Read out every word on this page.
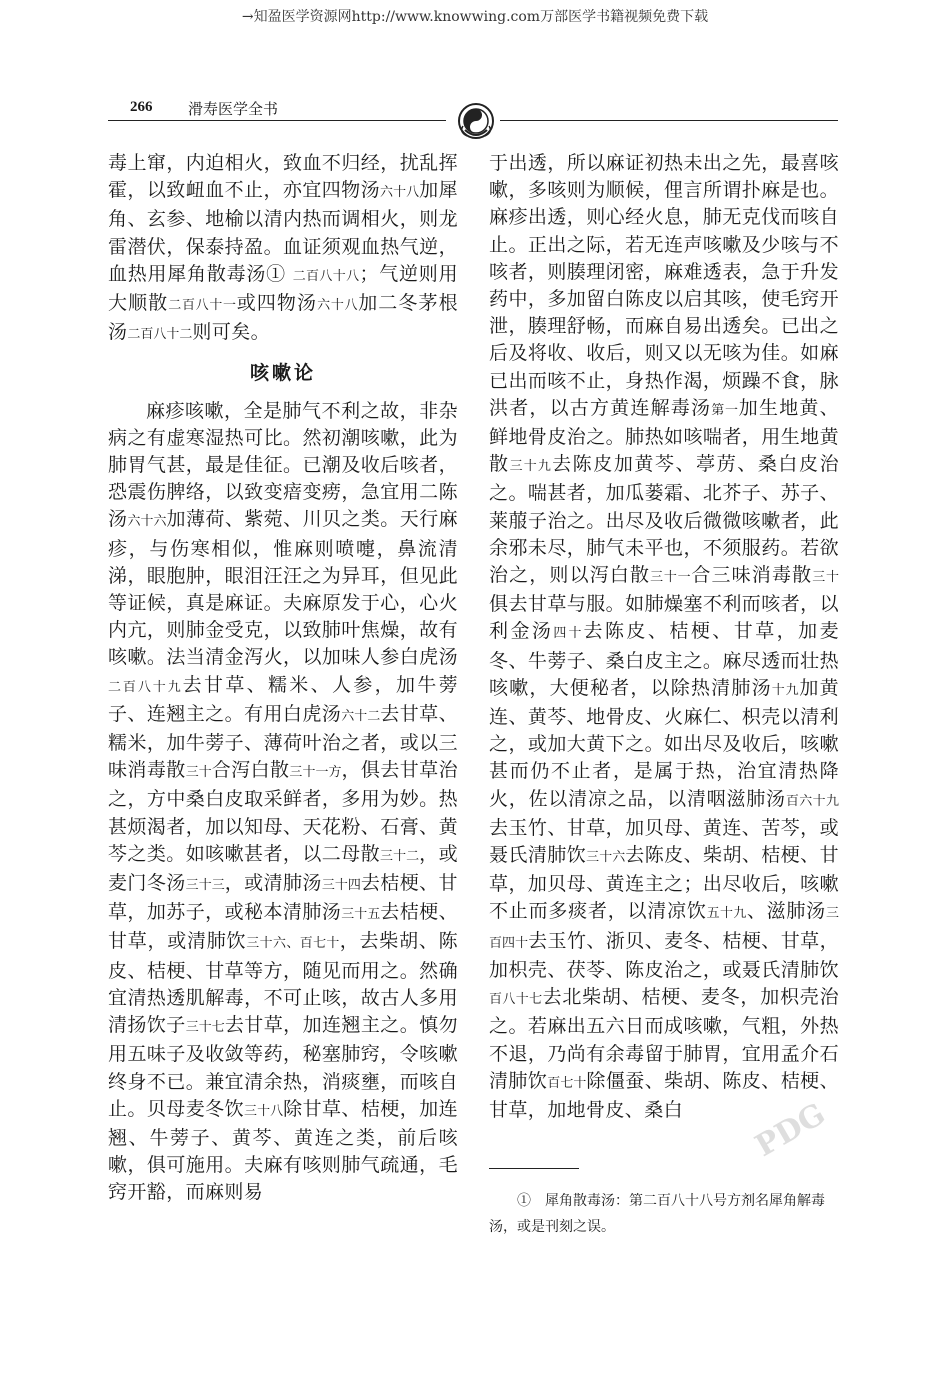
→知盈医学资源网http://www.knowwing.com万部医学书籍视频免费下载
266 滑寿医学全书

毒上窜，内迫相火，致血不归经，扰乱挥霍，以致衄血不止，亦宜四物汤六十八加犀角、玄参、地榆以清内热而调相火，则龙雷潜伏，保泰持盈。血证须观血热气逆，血热用犀角散毒汤① 二百八十八；气逆则用大顺散二百八十一或四物汤六十八加二冬茅根汤二百八十二则可矣。

咳嗽论

麻疹咳嗽，全是肺气不利之故，非杂病之有虚寒湿热可比。然初潮咳嗽，此为肺胃气甚，最是佳征。已潮及收后咳者，恐震伤脾络，以致变瘖变痨，急宜用二陈汤六十六加薄荷、紫菀、川贝之类。天行麻疹，与伤寒相似，惟麻则喷嚏，鼻流清涕，眼胞肿，眼泪汪汪之为异耳，但见此等证候，真是麻证。夫麻原发于心，心火内亢，则肺金受克，以致肺叶焦燥，故有咳嗽。法当清金泻火，以加味人参白虎汤二百八十九去甘草、糯米、人参，加牛蒡子、连翘主之。有用白虎汤六十二去甘草、糯米，加牛蒡子、薄荷叶治之者，或以三味消毒散三十合泻白散三十一方，俱去甘草治之，方中桑白皮取采鲜者，多用为妙。热甚烦渴者，加以知母、天花粉、石膏、黄芩之类。如咳嗽甚者，以二母散三十二，或麦门冬汤三十三，或清肺汤三十四去桔梗、甘草，加苏子，或秘本清肺汤三十五去桔梗、甘草，或清肺饮三十六、百七十，去柴胡、陈皮、桔梗、甘草等方，随见而用之。然确宜清热透肌解毒，不可止咳，故古人多用清扬饮子三十七去甘草，加连翘主之。慎勿用五味子及收敛等药，秘塞肺窍，令咳嗽终身不已。兼宜清余热，消痰壅，而咳自止。贝母麦冬饮三十八除甘草、桔梗，加连翘、牛蒡子、黄芩、黄连之类，前后咳嗽，俱可施用。夫麻有咳则肺气疏通，毛窍开豁，而麻则易

于出透，所以麻证初热未出之先，最喜咳嗽，多咳则为顺候，俚言所谓扑麻是也。麻疹出透，则心经火息，肺无克伐而咳自止。正出之际，若无连声咳嗽及少咳与不咳者，则腠理闭密，麻难透表，急于升发药中，多加留白陈皮以启其咳，使毛窍开泄，腠理舒畅，而麻自易出透矣。已出之后及将收、收后，则又以无咳为佳。如麻已出而咳不止，身热作渴，烦躁不食，脉洪者，以古方黄连解毒汤第一加生地黄、鲜地骨皮治之。肺热如咳喘者，用生地黄散三十九去陈皮加黄芩、葶苈、桑白皮治之。喘甚者，加瓜蒌霜、北芥子、苏子、莱菔子治之。出尽及收后微微咳嗽者，此余邪未尽，肺气未平也，不须服药。若欲治之，则以泻白散三十一合三味消毒散三十俱去甘草与服。如肺燥塞不利而咳者，以利金汤四十去陈皮、桔梗、甘草，加麦冬、牛蒡子、桑白皮主之。麻尽透而壮热咳嗽，大便秘者，以除热清肺汤十九加黄连、黄芩、地骨皮、火麻仁、枳壳以清利之，或加大黄下之。如出尽及收后，咳嗽甚而仍不止者，是属于热，治宜清热降火，佐以清凉之品，以清咽滋肺汤百六十九去玉竹、甘草，加贝母、黄连、苦芩，或聂氏清肺饮三十六去陈皮、柴胡、桔梗、甘草，加贝母、黄连主之；出尽收后，咳嗽不止而多痰者，以清凉饮五十九、滋肺汤三百四十去玉竹、浙贝、麦冬、桔梗、甘草，加枳壳、茯苓、陈皮治之，或聂氏清肺饮百八十七去北柴胡、桔梗、麦冬，加枳壳治之。若麻出五六日而成咳嗽，气粗，外热不退，乃尚有余毒留于肺胃，宜用孟介石清肺饮百七十除僵蚕、柴胡、陈皮、桔梗、甘草，加地骨皮、桑白

①　犀角散毒汤：第二百八十八号方剂名犀角解毒汤，或是刊刻之误。
PDG
